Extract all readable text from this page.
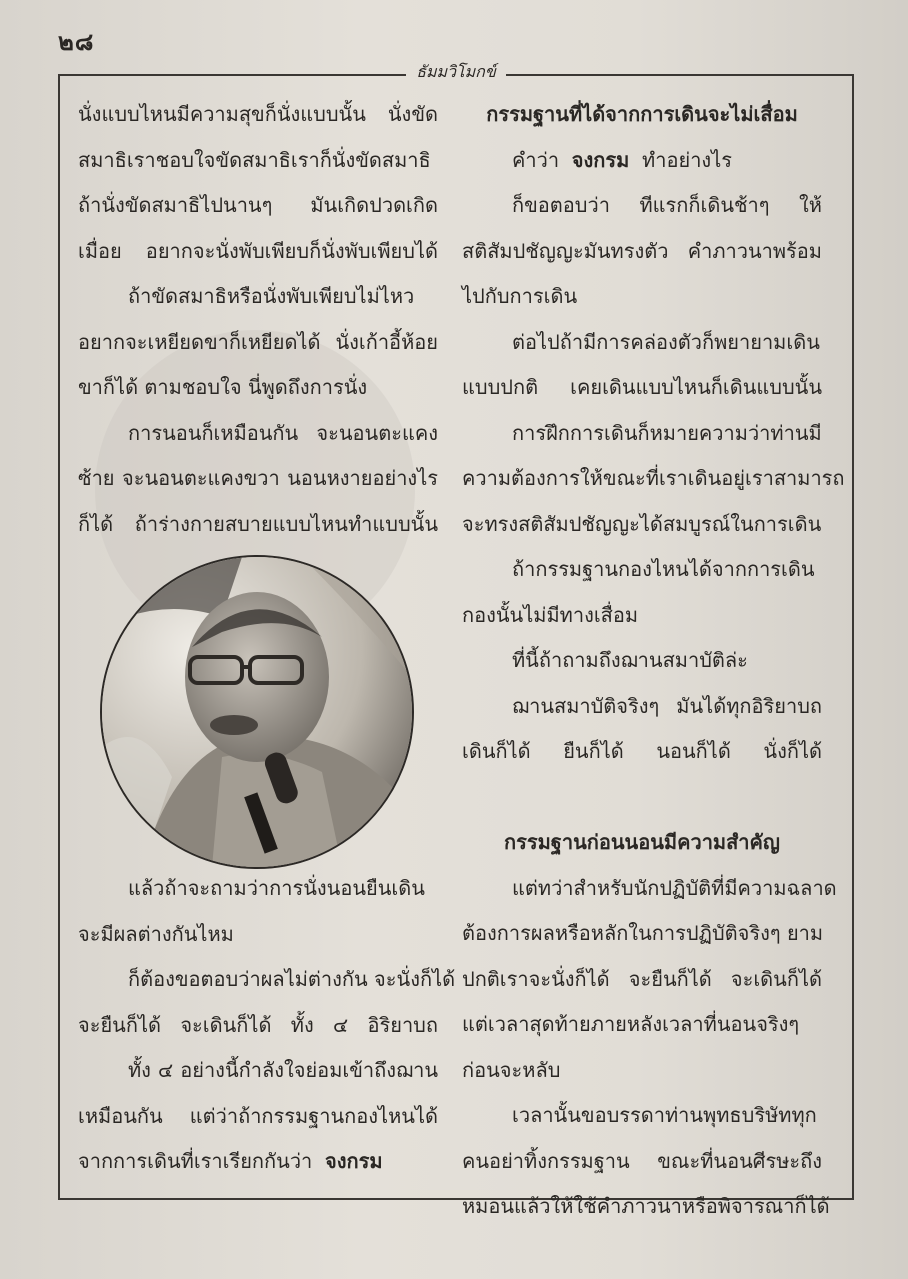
๒๘
ธัมมวิโมกข์
นั่งแบบไหนมีความสุขก็นั่งแบบนั้น นั่งขัด
สมาธิเราชอบใจขัดสมาธิเราก็นั่งขัดสมาธิ
ถ้านั่งขัดสมาธิไปนานๆ มันเกิดปวดเกิด
เมื่อย อยากจะนั่งพับเพียบก็นั่งพับเพียบได้
ถ้าขัดสมาธิหรือนั่งพับเพียบไม่ไหว
อยากจะเหยียดขาก็เหยียดได้ นั่งเก้าอี้ห้อย
ขาก็ได้ ตามชอบใจ นี่พูดถึงการนั่ง
การนอนก็เหมือนกัน จะนอนตะแคง
ซ้าย จะนอนตะแคงขวา นอนหงายอย่างไร
ก็ได้ ถ้าร่างกายสบายแบบไหนทำแบบนั้น
แล้วถ้าจะถามว่าการนั่งนอนยืนเดิน
จะมีผลต่างกันไหม
ก็ต้องขอตอบว่าผลไม่ต่างกัน จะนั่งก็ได้
จะยืนก็ได้ จะเดินก็ได้ ทั้ง ๔ อิริยาบถ
ทั้ง ๔ อย่างนี้กำลังใจย่อมเข้าถึงฌาน
เหมือนกัน แต่ว่าถ้ากรรมฐานกองไหนได้
จากการเดินที่เราเรียกกันว่า จงกรม
กรรมฐานที่ได้จากการเดินจะไม่เสื่อม
คำว่า จงกรม ทำอย่างไร
ก็ขอตอบว่า ทีแรกก็เดินช้าๆ ให้
สติสัมปชัญญะมันทรงตัว คำภาวนาพร้อม
ไปกับการเดิน
ต่อไปถ้ามีการคล่องตัวก็พยายามเดิน
แบบปกติ เคยเดินแบบไหนก็เดินแบบนั้น
การฝึกการเดินก็หมายความว่าท่านมี
ความต้องการให้ขณะที่เราเดินอยู่เราสามารถ
จะทรงสติสัมปชัญญะได้สมบูรณ์ในการเดิน
ถ้ากรรมฐานกองไหนได้จากการเดิน
กองนั้นไม่มีทางเสื่อม
ที่นี้ถ้าถามถึงฌานสมาบัติล่ะ
ฌานสมาบัติจริงๆ มันได้ทุกอิริยาบถ
เดินก็ได้ ยืนก็ได้ นอนก็ได้ นั่งก็ได้
กรรมฐานก่อนนอนมีความสำคัญ
แต่ทว่าสำหรับนักปฏิบัติที่มีความฉลาด
ต้องการผลหรือหลักในการปฏิบัติจริงๆ ยาม
ปกติเราจะนั่งก็ได้ จะยืนก็ได้ จะเดินก็ได้
แต่เวลาสุดท้ายภายหลังเวลาที่นอนจริงๆ
ก่อนจะหลับ
เวลานั้นขอบรรดาท่านพุทธบริษัททุก
คนอย่าทิ้งกรรมฐาน ขณะที่นอนศีรษะถึง
หมอนแล้วให้ใช้คำภาวนาหรือพิจารณาก็ได้
